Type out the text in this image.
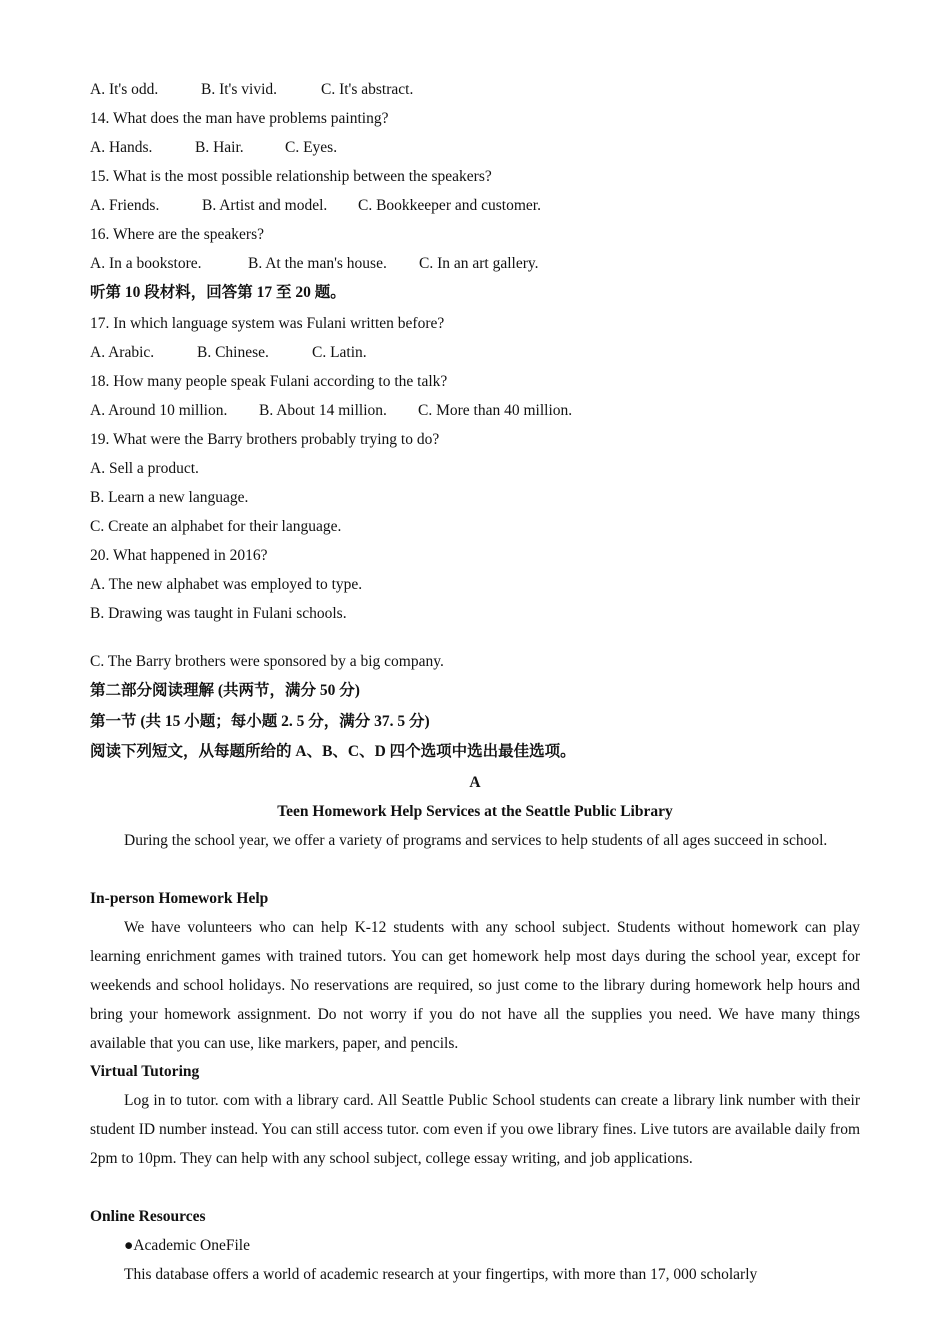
A. It's odd.	B. It's vivid.	C. It's abstract.
14. What does the man have problems painting?
A. Hands.	B. Hair.	C. Eyes.
15. What is the most possible relationship between the speakers?
A. Friends.	B. Artist and model. C. Bookkeeper and customer.
16. Where are the speakers?
A. In a bookstore.	B. At the man's house. C. In an art gallery.
听第 10 段材料，回答第 17 至 20 题。
17. In which language system was Fulani written before?
A. Arabic.	B. Chinese.	C. Latin.
18. How many people speak Fulani according to the talk?
A. Around 10 million. B. About 14 million. C. More than 40 million.
19. What were the Barry brothers probably trying to do?
A. Sell a product.
B. Learn a new language.
C. Create an alphabet for their language.
20. What happened in 2016?
A. The new alphabet was employed to type.
B. Drawing was taught in Fulani schools.
C. The Barry brothers were sponsored by a big company.
第二部分阅读理解 (共两节，满分 50 分)
第一节 (共 15 小题；每小题 2. 5 分，满分 37. 5 分)
阅读下列短文，从每题所给的 A、B、C、D 四个选项中选出最佳选项。
A
Teen Homework Help Services at the Seattle Public Library
During the school year, we offer a variety of programs and services to help students of all ages succeed in school.
In-person Homework Help
We have volunteers who can help K-12 students with any school subject. Students without homework can play learning enrichment games with trained tutors. You can get homework help most days during the school year, except for weekends and school holidays. No reservations are required, so just come to the library during homework help hours and bring your homework assignment. Do not worry if you do not have all the supplies you need. We have many things available that you can use, like markers, paper, and pencils.
Virtual Tutoring
Log in to tutor. com with a library card. All Seattle Public School students can create a library link number with their student ID number instead. You can still access tutor. com even if you owe library fines. Live tutors are available daily from 2pm to 10pm. They can help with any school subject, college essay writing, and job applications.
Online Resources
●Academic OneFile
This database offers a world of academic research at your fingertips, with more than 17, 000 scholarly
